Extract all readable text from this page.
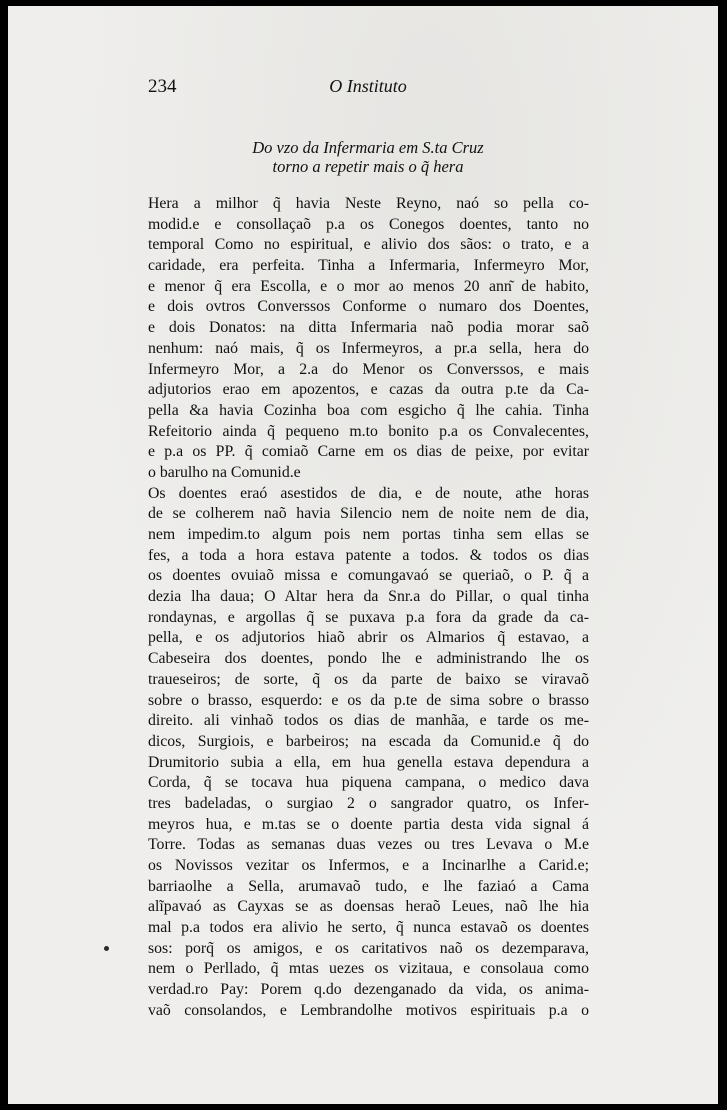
234	O Instituto
Do vzo da Infermaria em S.ta Cruz
torno a repetir mais o q̃ hera
Hera a milhor q̃ havia Neste Reyno, naó so pella co-
modid.e e consollaçaõ p.a os Conegos doentes, tanto no
temporal Como no espiritual, e alivio dos sãos: o trato, e a
caridade, era perfeita. Tinha a Infermaria, Infermeyro Mor,
e menor q̃ era Escolla, e o mor ao menos 20 ann͂ de habito,
e dois ovtros Converssos Conforme o numaro dos Doentes,
e dois Donatos: na ditta Infermaria naõ podia morar saõ
nenhum: naó mais, q̃ os Infermeyros, a pr.a sella, hera do
Infermeyro Mor, a 2.a do Menor os Converssos, e mais
adjutorios erao em apozentos, e cazas da outra p.te da Ca-
pella &a havia Cozinha boa com esgicho q̃ lhe cahia. Tinha
Refeitorio ainda q̃ pequeno m.to bonito p.a os Convalecentes,
e p.a os PP. q̃ comiaõ Carne em os dias de peixe, por evitar
o barulho na Comunid.e
Os doentes eraó asestidos de dia, e de noute, athe horas
de se colherem naõ havia Silencio nem de noite nem de dia,
nem impedim.to algum pois nem portas tinha sem ellas se
fes, a toda a hora estava patente a todos. & todos os dias
os doentes ovuiaõ missa e comungavaó se queriaõ, o P. q̃ a
dezia lha daua; O Altar hera da Snr.a do Pillar, o qual tinha
rondaynas, e argollas q̃ se puxava p.a fora da grade da ca-
pella, e os adjutorios hiaõ abrir os Almarios q̃ estavao, a
Cabeseira dos doentes, pondo lhe e administrando lhe os
traueseiros; de sorte, q̃ os da parte de baixo se viravaõ
sobre o brasso, esquerdo: e os da p.te de sima sobre o brasso
direito. ali vinhaõ todos os dias de manhãa, e tarde os me-
dicos, Surgiois, e barbeiros; na escada da Comunid.e q̃ do
Drumitorio subia a ella, em hua genella estava dependura a
Corda, q̃ se tocava hua piquena campana, o medico dava
tres badeladas, o surgiao 2 o sangrador quatro, os Infer-
meyros hua, e m.tas se o doente partia desta vida signal á
Torre. Todas as semanas duas vezes ou tres Levava o M.e
os Novissos vezitar os Infermos, e a Incinarlhe a Carid.e;
barriaolhe a Sella, arumavaõ tudo, e lhe faziaó a Cama
alĩpavaó as Cayxas se as doensas heraõ Leues, naõ lhe hia
mal p.a todos era alivio he serto, q̃ nunca estavaõ os doentes
sos: porq̃ os amigos, e os caritativos naõ os dezemparava,
nem o Perllado, q̃ mtas uezes os vizitaua, e consolaua como
verdad.ro Pay: Porem q.do dezenganado da vida, os anima-
vaõ consolandos, e Lembrandolhe motivos espirituais p.a o
